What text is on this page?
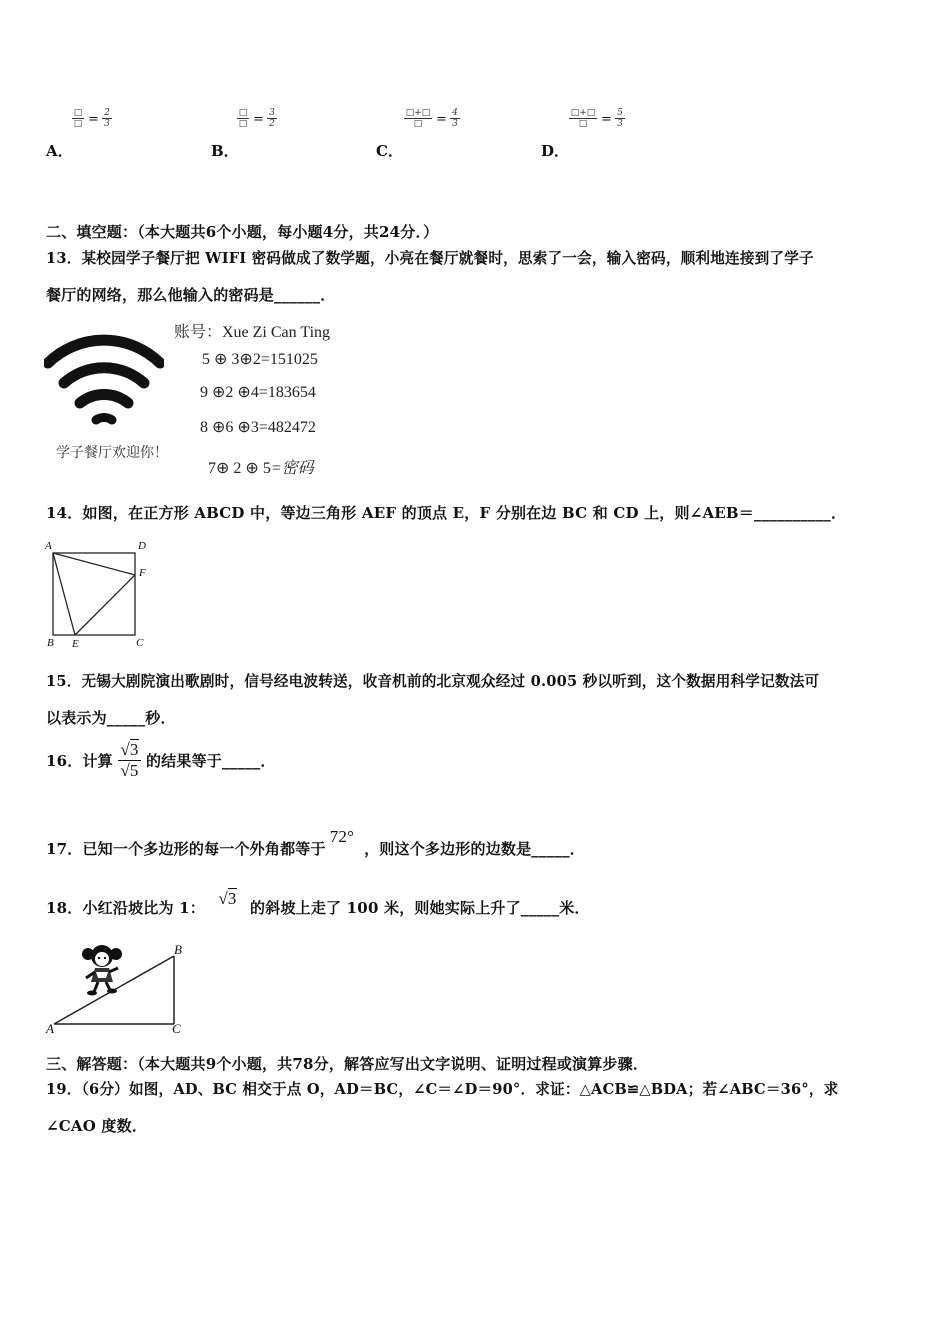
□
□ = $\frac{2}{3}$
A．
□
□ = $\frac{3}{2}$
B．
□+□
□	= $\frac{4}{3}$
C．
□+□
□	= $\frac{5}{3}$
D．
二、填空题：（本大题共6个小题，每小题4分，共24分．）
13．某校园学子餐厅把 WIFI 密码做成了数学题，小亮在餐厅就餐时，思索了一会，输入密码，顺利地连接到了学子
餐厅的网络，那么他输入的密码是______．
学子餐厅欢迎你！
账号：Xue Zi Can Ting
5 ⊕ 3⊕2=151025
9 ⊕2 ⊕4=183654
8 ⊕6 ⊕3=482472
7⊕ 2 ⊕ 5=密码
14．如图，在正方形 ABCD 中，等边三角形 AEF 的顶点 E，F 分别在边 BC 和 CD 上，则∠AEB＝__________．
A	D
F
B E	C
15．无锡大剧院演出歌剧时，信号经电波转送，收音机前的北京观众经过 0.005 秒以听到，这个数据用科学记数法可
以表示为_____秒．
16．计算 $\frac{√3}{√5}$ 的结果等于_____．
17．已知一个多边形的每一个外角都等于72°，则这个多边形的边数是_____．
18．小红沿坡比为 1： √3 的斜坡上走了 100 米，则她实际上升了_____米．
B
A	C
三、解答题：（本大题共9个小题，共78分，解答应写出文字说明、证明过程或演算步骤．
19．（6分）如图，AD、BC 相交于点 O，AD＝BC，∠C＝∠D＝90°．求证：△ACB≌△BDA；若∠ABC＝36°，求
∠CAO 度数．
